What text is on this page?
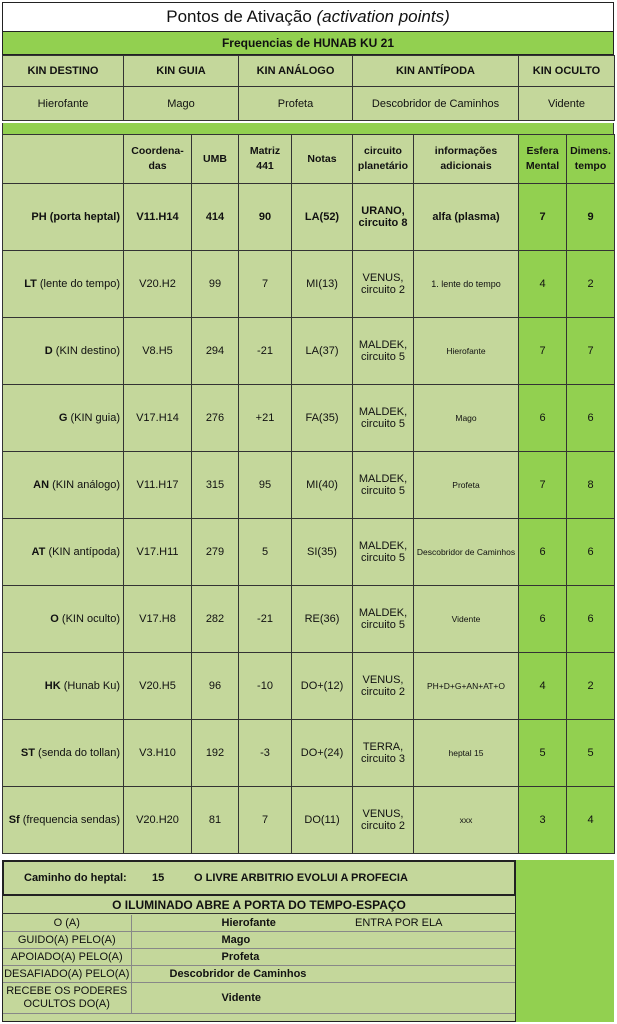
Pontos de Ativação (activation points)
Frequencias de HUNAB KU 21
KIN DESTINO	KIN GUIA	KIN ANÁLOGO	KIN ANTÍPODA	KIN OCULTO
Hierofante	Mago	Profeta	Descobridor de Caminhos	Vidente
	Coordena-das	UMB	Matriz 441	Notas	circuito planetário	informações adicionais	Esfera Mental	Dimens. tempo
PH (porta heptal)	V11.H14	414	90	LA(52)	URANO, circuito 8	alfa (plasma)	7	9
LT (lente do tempo)	V20.H2	99	7	MI(13)	VENUS, circuito 2	1. lente do tempo	4	2
D (KIN destino)	V8.H5	294	-21	LA(37)	MALDEK, circuito 5	Hierofante	7	7
G (KIN guia)	V17.H14	276	+21	FA(35)	MALDEK, circuito 5	Mago	6	6
AN (KIN análogo)	V11.H17	315	95	MI(40)	MALDEK, circuito 5	Profeta	7	8
AT (KIN antípoda)	V17.H11	279	5	SI(35)	MALDEK, circuito 5	Descobridor de Caminhos	6	6
O (KIN oculto)	V17.H8	282	-21	RE(36)	MALDEK, circuito 5	Vidente	6	6
HK (Hunab Ku)	V20.H5	96	-10	DO+(12)	VENUS, circuito 2	PH+D+G+AN+AT+O	4	2
ST (senda do tollan)	V3.H10	192	-3	DO+(24)	TERRA, circuito 3	heptal 15	5	5
Sf (frequencia sendas)	V20.H20	81	7	DO(11)	VENUS, circuito 2	xxx	3	4
Caminho do heptal: 15	O LIVRE ARBITRIO EVOLUI A PROFECIA
O ILUMINADO ABRE A PORTA DO TEMPO-ESPAÇO
O (A)	Hierofante	ENTRA POR ELA
GUIDO(A) PELO(A)	Mago	
APOIADO(A) PELO(A)	Profeta	
DESAFIADO(A) PELO(A)	Descobridor de Caminhos	
RECEBE OS PODERES OCULTOS DO(A)	Vidente	
